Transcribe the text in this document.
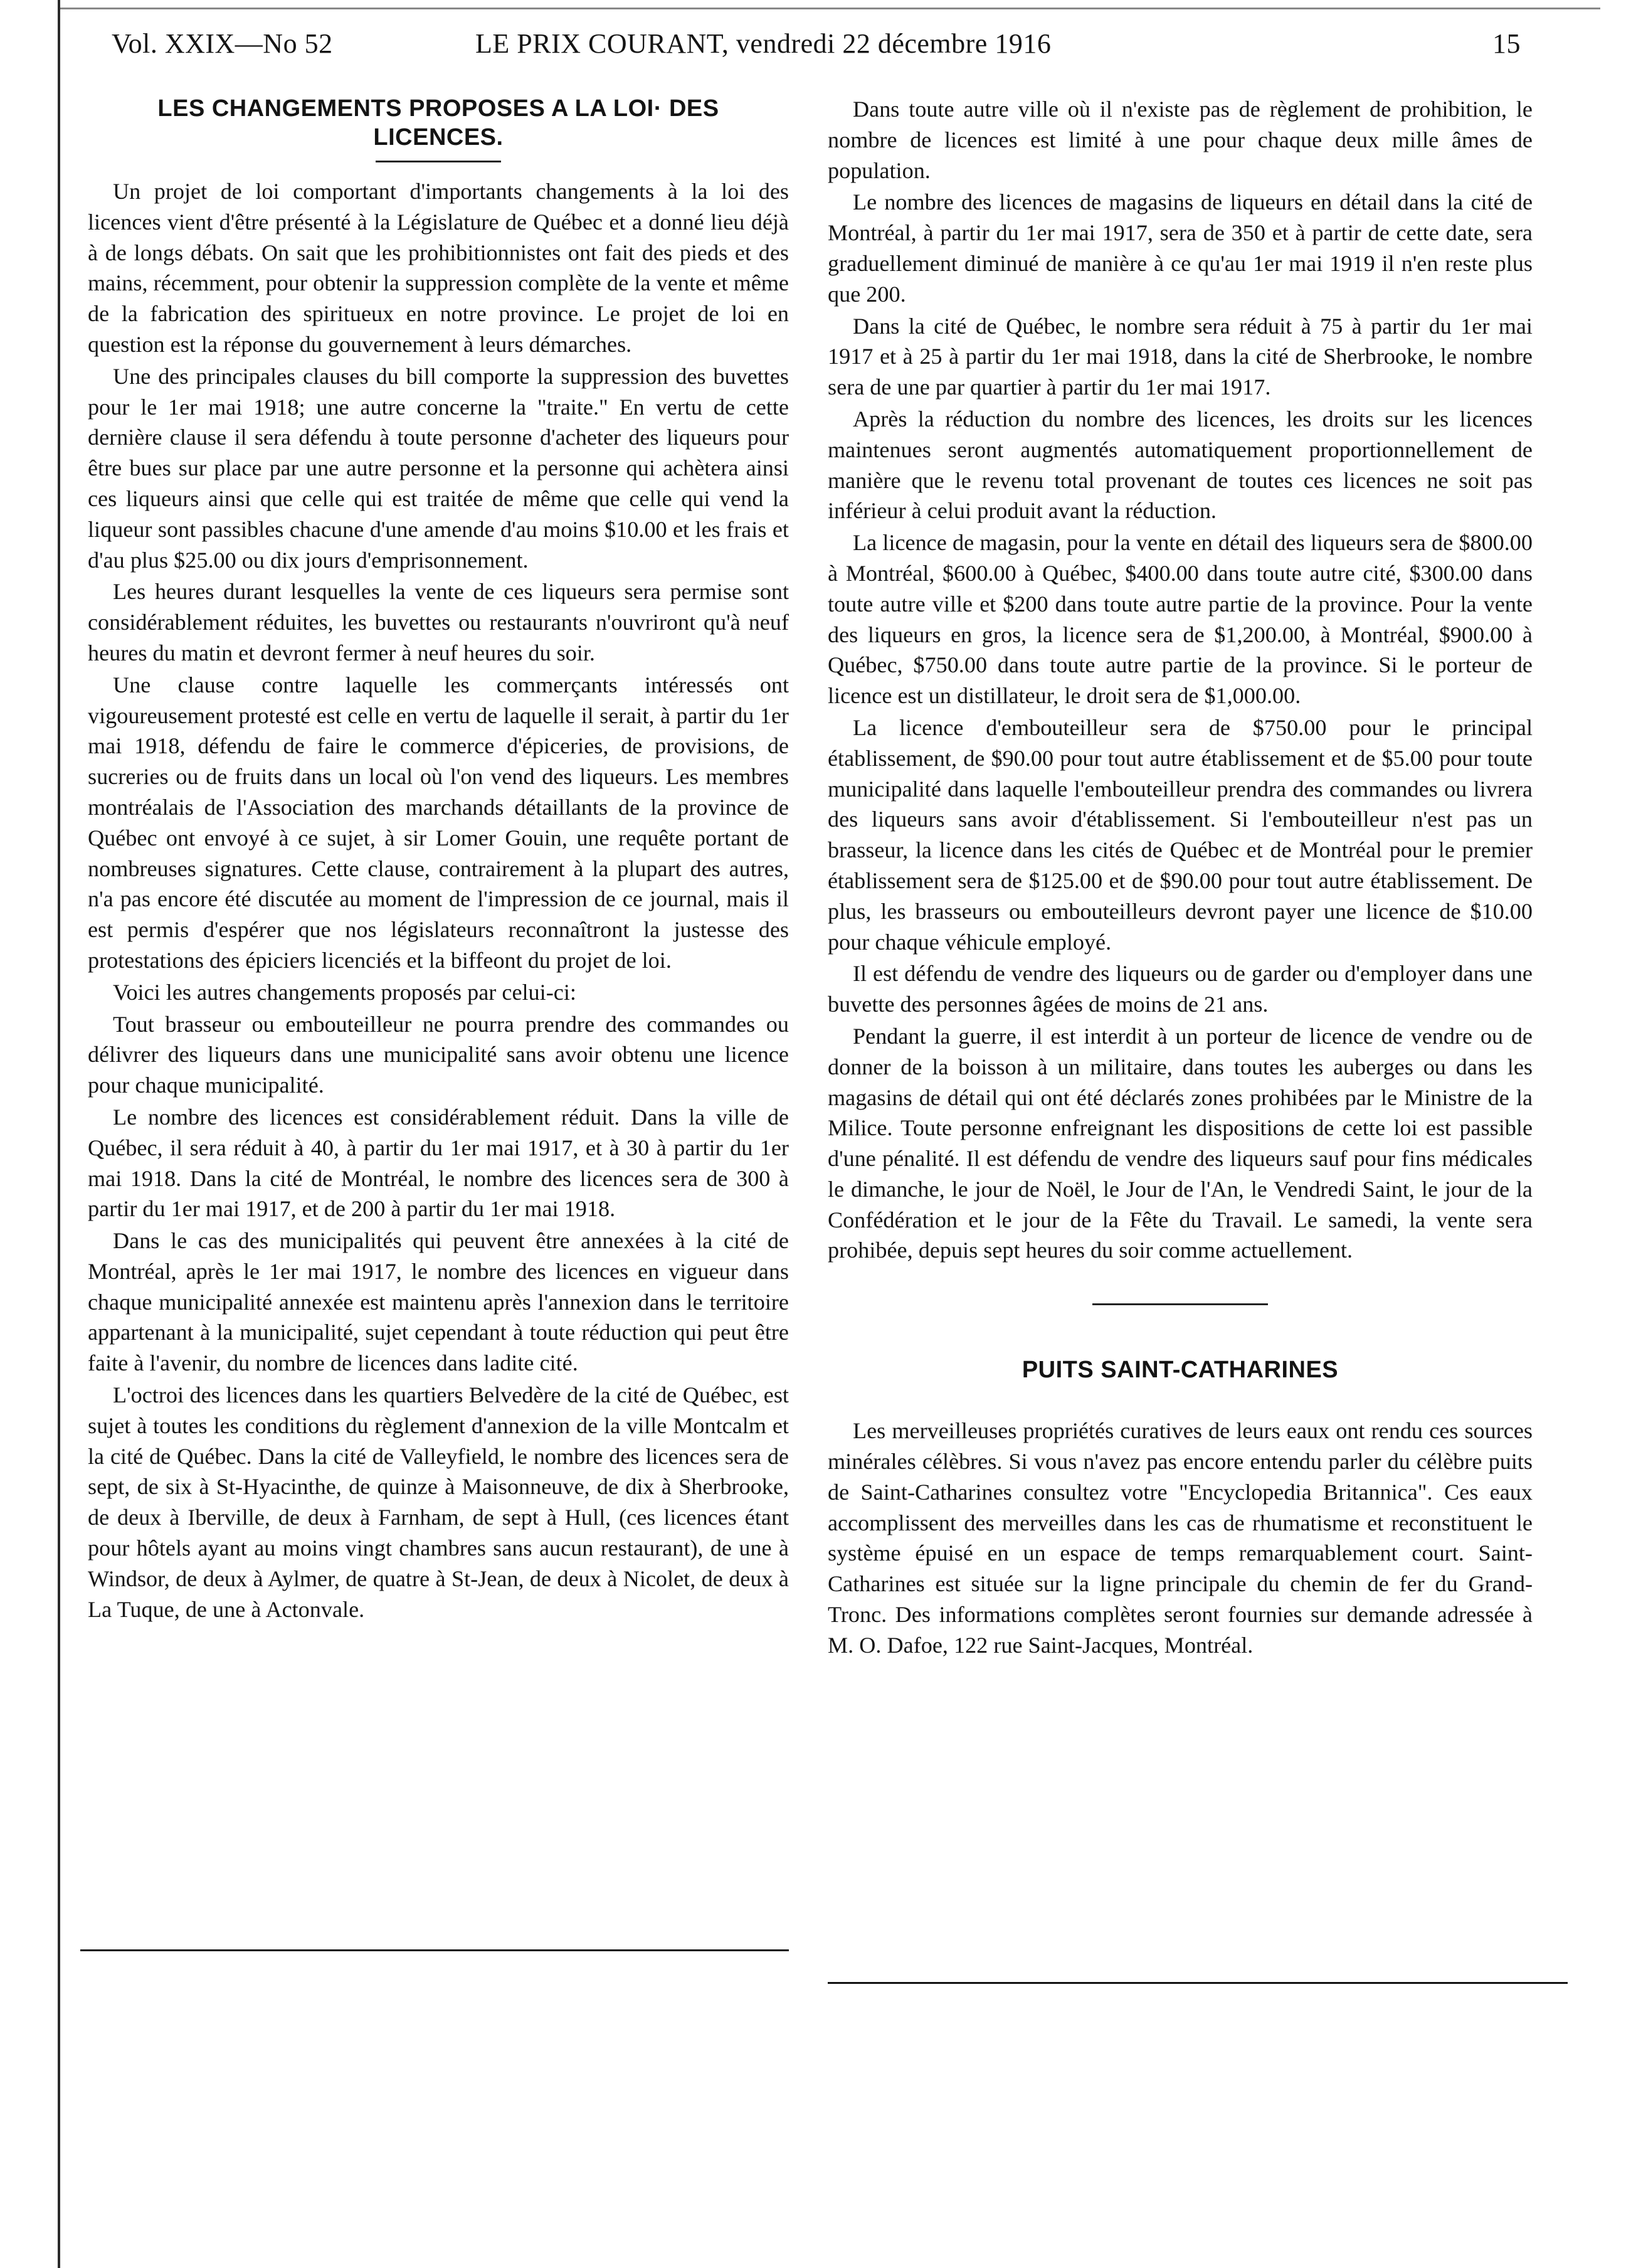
Vol. XXIX—No 52	LE PRIX COURANT, vendredi 22 décembre 1916	15
LES CHANGEMENTS PROPOSES A LA LOI· DES
LICENCES.

Un projet de loi comportant d'importants changements à la loi des licences vient d'être présenté à la Législature de Québec et a donné lieu déjà à de longs débats. On sait que les prohibitionnistes ont fait des pieds et des mains, récemment, pour obtenir la suppression complète de la vente et même de la fabrication des spiritueux en notre province. Le projet de loi en question est la réponse du gouvernement à leurs démarches.

Une des principales clauses du bill comporte la suppression des buvettes pour le 1er mai 1918; une autre concerne la "traite." En vertu de cette dernière clause il sera défendu à toute personne d'acheter des liqueurs pour être bues sur place par une autre personne et la personne qui achètera ainsi ces liqueurs ainsi que celle qui est traitée de même que celle qui vend la liqueur sont passibles chacune d'une amende d'au moins $10.00 et les frais et d'au plus $25.00 ou dix jours d'emprisonnement.

Les heures durant lesquelles la vente de ces liqueurs sera permise sont considérablement réduites, les buvettes ou restaurants n'ouvriront qu'à neuf heures du matin et devront fermer à neuf heures du soir.

Une clause contre laquelle les commerçants intéressés ont vigoureusement protesté est celle en vertu de laquelle il serait, à partir du 1er mai 1918, défendu de faire le commerce d'épiceries, de provisions, de sucreries ou de fruits dans un local où l'on vend des liqueurs. Les membres montréalais de l'Association des marchands détaillants de la province de Québec ont envoyé à ce sujet, à sir Lomer Gouin, une requête portant de nombreuses signatures. Cette clause, contrairement à la plupart des autres, n'a pas encore été discutée au moment de l'impression de ce journal, mais il est permis d'espérer que nos législateurs reconnaîtront la justesse des protestations des épiciers licenciés et la biffeont du projet de loi.

Voici les autres changements proposés par celui-ci:

Tout brasseur ou embouteilleur ne pourra prendre des commandes ou délivrer des liqueurs dans une municipalité sans avoir obtenu une licence pour chaque municipalité.

Le nombre des licences est considérablement réduit. Dans la ville de Québec, il sera réduit à 40, à partir du 1er mai 1917, et à 30 à partir du 1er mai 1918. Dans la cité de Montréal, le nombre des licences sera de 300 à partir du 1er mai 1917, et de 200 à partir du 1er mai 1918.

Dans le cas des municipalités qui peuvent être annexées à la cité de Montréal, après le 1er mai 1917, le nombre des licences en vigueur dans chaque municipalité annexée est maintenu après l'annexion dans le territoire appartenant à la municipalité, sujet cependant à toute réduction qui peut être faite à l'avenir, du nombre de licences dans ladite cité.

L'octroi des licences dans les quartiers Belvedère de la cité de Québec, est sujet à toutes les conditions du règlement d'annexion de la ville Montcalm et la cité de Québec. Dans la cité de Valleyfield, le nombre des licences sera de sept, de six à St-Hyacinthe, de quinze à Maisonneuve, de dix à Sherbrooke, de deux à Iberville, de deux à Farnham, de sept à Hull, (ces licences étant pour hôtels ayant au moins vingt chambres sans aucun restaurant), de une à Windsor, de deux à Aylmer, de quatre à St-Jean, de deux à Nicolet, de deux à La Tuque, de une à Actonvale.

Dans toute autre ville où il n'existe pas de règlement de prohibition, le nombre de licences est limité à une pour chaque deux mille âmes de population.

Le nombre des licences de magasins de liqueurs en détail dans la cité de Montréal, à partir du 1er mai 1917, sera de 350 et à partir de cette date, sera graduellement diminué de manière à ce qu'au 1er mai 1919 il n'en reste plus que 200.

Dans la cité de Québec, le nombre sera réduit à 75 à partir du 1er mai 1917 et à 25 à partir du 1er mai 1918, dans la cité de Sherbrooke, le nombre sera de une par quartier à partir du 1er mai 1917.

Après la réduction du nombre des licences, les droits sur les licences maintenues seront augmentés automatiquement proportionnellement de manière que le revenu total provenant de toutes ces licences ne soit pas inférieur à celui produit avant la réduction.

La licence de magasin, pour la vente en détail des liqueurs sera de $800.00 à Montréal, $600.00 à Québec, $400.00 dans toute autre cité, $300.00 dans toute autre ville et $200 dans toute autre partie de la province. Pour la vente des liqueurs en gros, la licence sera de $1,200.00, à Montréal, $900.00 à Québec, $750.00 dans toute autre partie de la province. Si le porteur de licence est un distillateur, le droit sera de $1,000.00.

La licence d'embouteilleur sera de $750.00 pour le principal établissement, de $90.00 pour tout autre établissement et de $5.00 pour toute municipalité dans laquelle l'embouteilleur prendra des commandes ou livrera des liqueurs sans avoir d'établissement. Si l'embouteilleur n'est pas un brasseur, la licence dans les cités de Québec et de Montréal pour le premier établissement sera de $125.00 et de $90.00 pour tout autre établissement. De plus, les brasseurs ou embouteilleurs devront payer une licence de $10.00 pour chaque véhicule employé.

Il est défendu de vendre des liqueurs ou de garder ou d'employer dans une buvette des personnes âgées de moins de 21 ans.

Pendant la guerre, il est interdit à un porteur de licence de vendre ou de donner de la boisson à un militaire, dans toutes les auberges ou dans les magasins de détail qui ont été déclarés zones prohibées par le Ministre de la Milice. Toute personne enfreignant les dispositions de cette loi est passible d'une pénalité. Il est défendu de vendre des liqueurs sauf pour fins médicales le dimanche, le jour de Noël, le Jour de l'An, le Vendredi Saint, le jour de la Confédération et le jour de la Fête du Travail. Le samedi, la vente sera prohibée, depuis sept heures du soir comme actuellement.

PUITS SAINT-CATHARINES

Les merveilleuses propriétés curatives de leurs eaux ont rendu ces sources minérales célèbres. Si vous n'avez pas encore entendu parler du célèbre puits de Saint-Catharines consultez votre "Encyclopedia Britannica". Ces eaux accomplissent des merveilles dans les cas de rhumatisme et reconstituent le système épuisé en un espace de temps remarquablement court. Saint-Catharines est située sur la ligne principale du chemin de fer du Grand-Tronc. Des informations complètes seront fournies sur demande adressée à M. O. Dafoe, 122 rue Saint-Jacques, Montréal.
